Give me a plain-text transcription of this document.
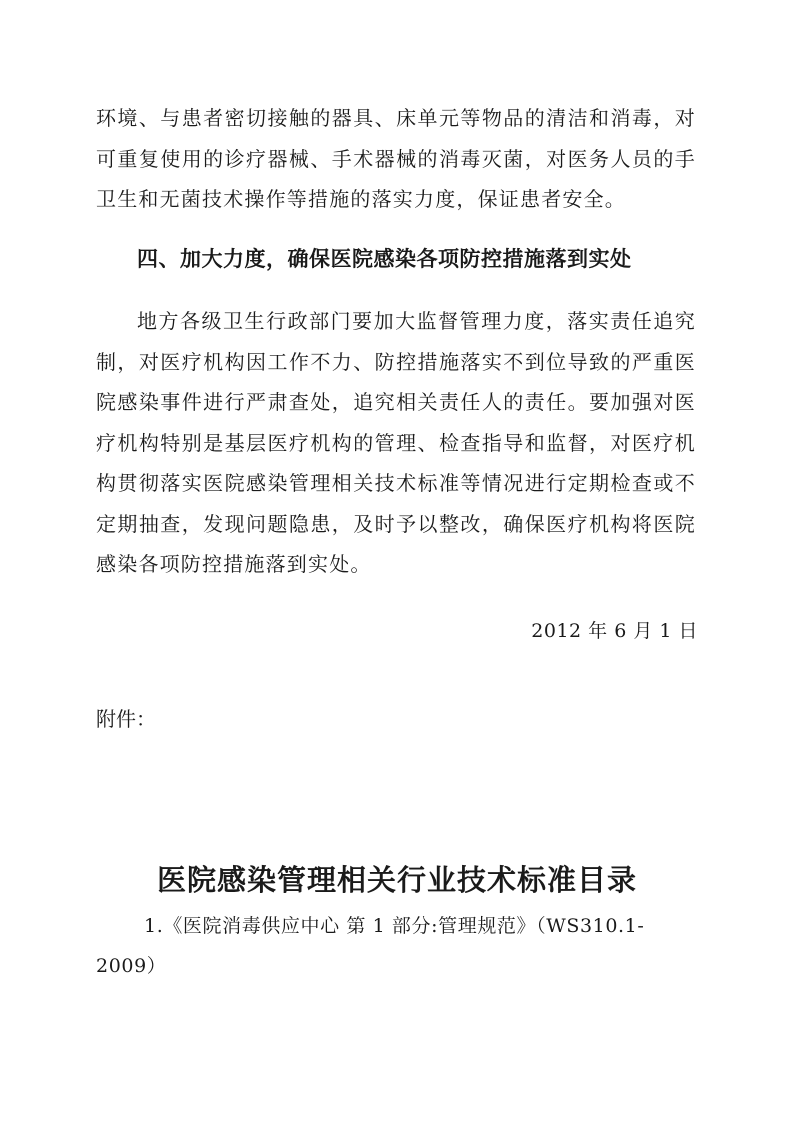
环境、与患者密切接触的器具、床单元等物品的清洁和消毒，对可重复使用的诊疗器械、手术器械的消毒灭菌，对医务人员的手卫生和无菌技术操作等措施的落实力度，保证患者安全。

四、加大力度，确保医院感染各项防控措施落到实处

地方各级卫生行政部门要加大监督管理力度，落实责任追究制，对医疗机构因工作不力、防控措施落实不到位导致的严重医院感染事件进行严肃查处，追究相关责任人的责任。要加强对医疗机构特别是基层医疗机构的管理、检查指导和监督，对医疗机构贯彻落实医院感染管理相关技术标准等情况进行定期检查或不定期抽查，发现问题隐患，及时予以整改，确保医疗机构将医院感染各项防控措施落到实处。

2012 年 6 月 1 日

附件：

医院感染管理相关行业技术标准目录

1.《医院消毒供应中心 第 1 部分:管理规范》（WS310.1-2009）
